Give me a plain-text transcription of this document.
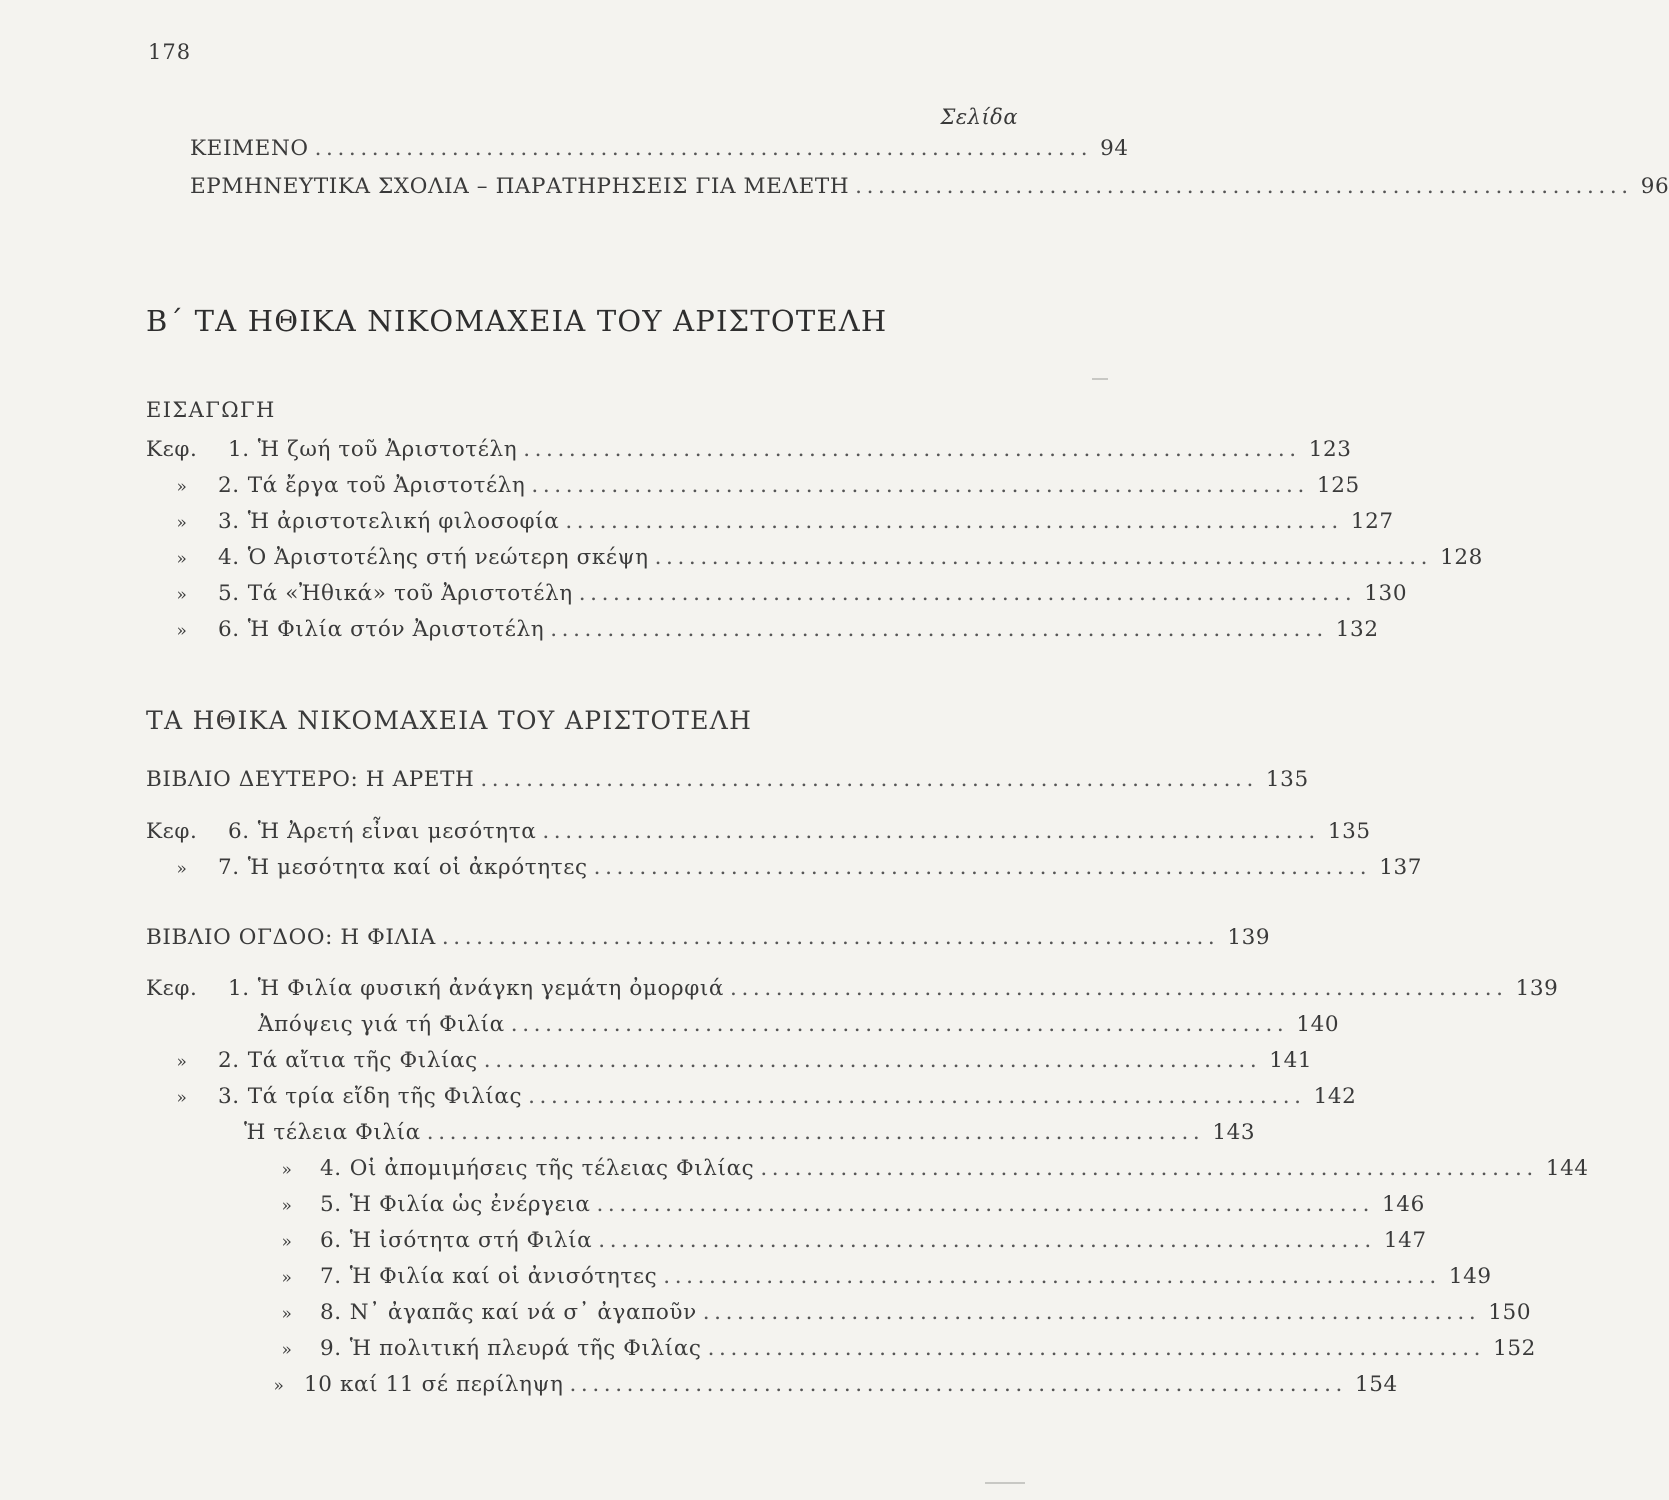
178
Σελίδα
ΚΕΙΜΕΝΟ .................................................................... 94
ΕΡΜΗΝΕΥΤΙΚΑ ΣΧΟΛΙΑ – ΠΑΡΑΤΗΡΗΣΕΙΣ ΓΙΑ ΜΕΛΕΤΗ .................................................................... 96
Β΄ ΤΑ ΗΘΙΚΑ ΝΙΚΟΜΑΧΕΙΑ ΤΟΥ ΑΡΙΣΤΟΤΕΛΗ
ΕΙΣΑΓΩΓΗ
Κεφ.	1. Ἡ ζωή τοῦ Ἀριστοτέλη .................................................................... 123
»	2. Τά ἔργα τοῦ Ἀριστοτέλη .................................................................... 125
»	3. Ἡ ἀριστοτελική φιλοσοφία .................................................................... 127
»	4. Ὁ Ἀριστοτέλης στή νεώτερη σκέψη .................................................................... 128
»	5. Τά «Ἠθικά» τοῦ Ἀριστοτέλη .................................................................... 130
»	6. Ἡ Φιλία στόν Ἀριστοτέλη .................................................................... 132
ΤΑ ΗΘΙΚΑ ΝΙΚΟΜΑΧΕΙΑ ΤΟΥ ΑΡΙΣΤΟΤΕΛΗ
ΒΙΒΛΙΟ ΔΕΥΤΕΡΟ: Η ΑΡΕΤΗ .................................................................... 135
Κεφ.	6. Ἡ Ἀρετή εἶναι μεσότητα .................................................................... 135
»	7. Ἡ μεσότητα καί οἱ ἀκρότητες .................................................................... 137
ΒΙΒΛΙΟ ΟΓΔΟΟ: Η ΦΙΛΙΑ .................................................................... 139
Κεφ.	1. Ἡ Φιλία φυσική ἀνάγκη γεμάτη ὀμορφιά .................................................................... 139
Ἀπόψεις γιά τή Φιλία .................................................................... 140
»	2. Τά αἴτια τῆς Φιλίας .................................................................... 141
»	3. Τά τρία εἴδη τῆς Φιλίας .................................................................... 142
Ἡ τέλεια Φιλία .................................................................... 143
»	4. Οἱ ἀπομιμήσεις τῆς τέλειας Φιλίας .................................................................... 144
»	5. Ἡ Φιλία ὡς ἐνέργεια .................................................................... 146
»	6. Ἡ ἰσότητα στή Φιλία .................................................................... 147
»	7. Ἡ Φιλία καί οἱ ἀνισότητες .................................................................... 149
»	8. Ν᾿ ἀγαπᾶς καί νά σ᾿ ἀγαποῦν .................................................................... 150
»	9. Ἡ πολιτική πλευρά τῆς Φιλίας .................................................................... 152
» 10 καί 11 σέ περίληψη .................................................................... 154
